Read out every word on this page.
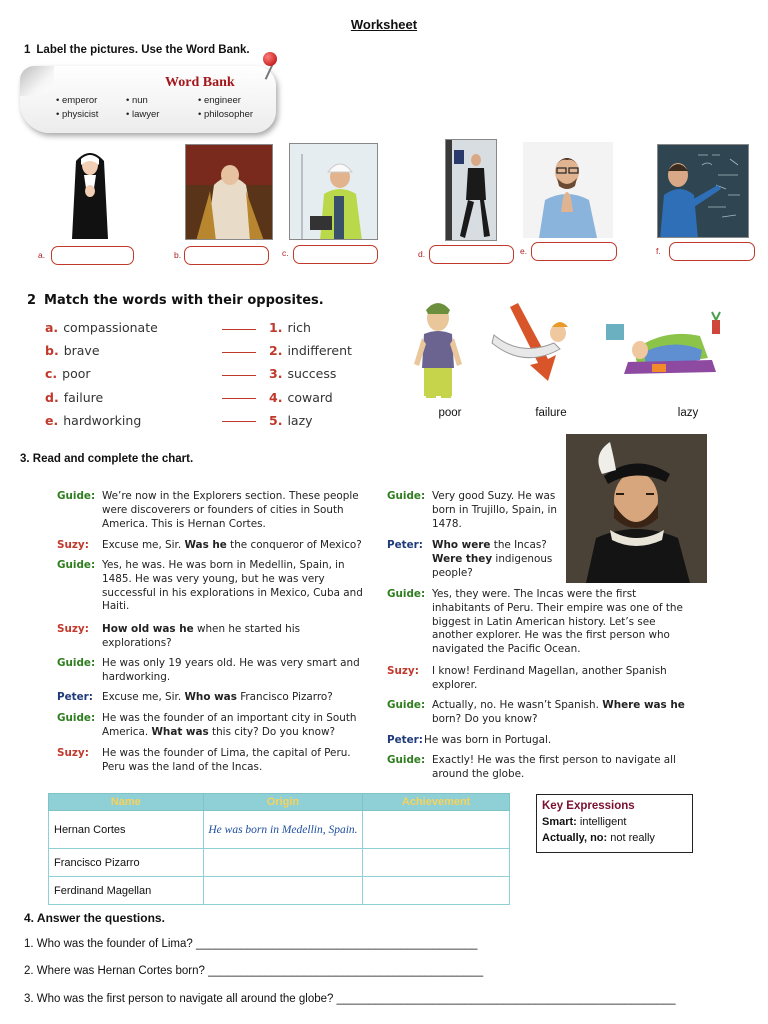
Worksheet
1 Label the pictures. Use the Word Bank.
Word Bank
• emperor	• nun	• engineer
• physicist	• lawyer	• philosopher
a.	b.	c.	d.	e.	f.
2 Match the words with their opposites.
a. compassionate
b. brave
c. poor
d. failure
e. hardworking
1. rich
2. indifferent
3. success
4. coward
5. lazy	poor	failure	lazy
3. Read and complete the chart.
Guide: We’re now in the Explorers section. These people were discoverers or founders of cities in South America. This is Hernan Cortes.
Suzy: Excuse me, Sir. Was he the conqueror of Mexico?
Guide: Yes, he was. He was born in Medellin, Spain, in 1485. He was very young, but he was very successful in his explorations in Mexico, Cuba and Haiti.
Suzy: How old was he when he started his explorations?
Guide: He was only 19 years old. He was very smart and hardworking.
Peter: Excuse me, Sir. Who was Francisco Pizarro?
Guide: He was the founder of an important city in South America. What was this city? Do you know?
Suzy: He was the founder of Lima, the capital of Peru. Peru was the land of the Incas.
Guide: Very good Suzy. He was born in Trujillo, Spain, in 1478.
Peter: Who were the Incas? Were they indigenous people?
Guide: Yes, they were. The Incas were the first inhabitants of Peru. Their empire was one of the biggest in Latin American history. Let’s see another explorer. He was the first person who navigated the Pacific Ocean.
Suzy: I know! Ferdinand Magellan, another Spanish explorer.
Guide: Actually, no. He wasn’t Spanish. Where was he born? Do you know?
Peter: He was born in Portugal.
Guide: Exactly! He was the first person to navigate all around the globe.
Name	Origin	Achievement
Hernan Cortes	He was born in Medellin, Spain.	
Francisco Pizarro		
Ferdinand Magellan		
Key Expressions
Smart: intelligent
Actually, no: not really
4. Answer the questions.
1. Who was the founder of Lima? ____________________________________________
2. Where was Hernan Cortes born? ___________________________________________
3. Who was the first person to navigate all around the globe? _____________________________________________________
